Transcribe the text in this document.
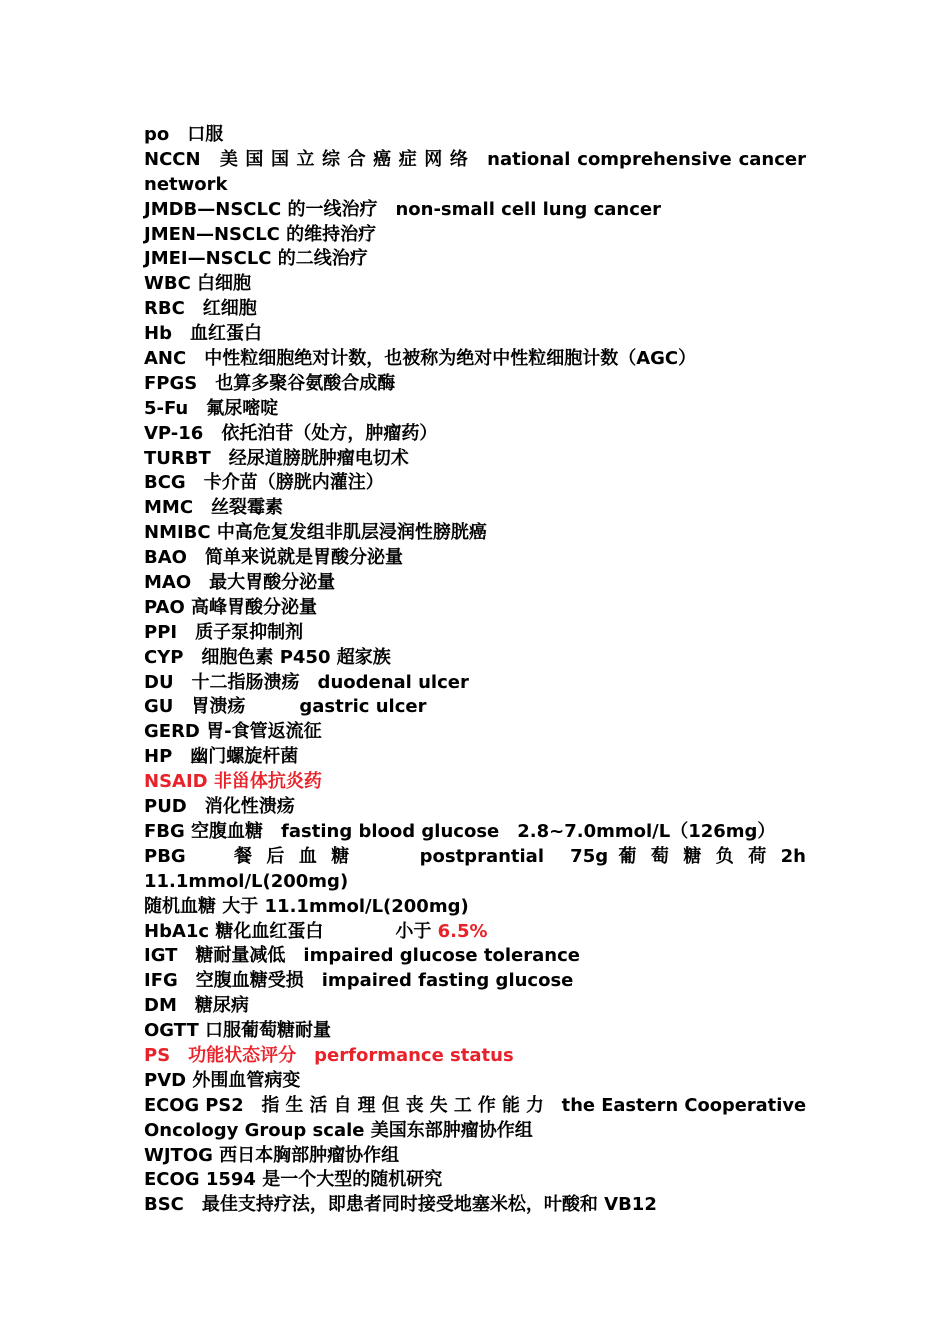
po　口服
NCCN　美 国 国 立 综 合 癌 症 网 络　national comprehensive cancer
network
JMDB—NSCLC 的一线治疗　non-small cell lung cancer
JMEN—NSCLC 的维持治疗
JMEI—NSCLC 的二线治疗
WBC 白细胞
RBC　红细胞
Hb　血红蛋白
ANC　中性粒细胞绝对计数，也被称为绝对中性粒细胞计数（AGC）
FPGS　也算多聚谷氨酸合成酶
5-Fu　氟尿嘧啶
VP-16　依托泊苷（处方，肿瘤药）
TURBT　经尿道膀胱肿瘤电切术
BCG　卡介苗（膀胱内灌注）
MMC　丝裂霉素
NMIBC 中高危复发组非肌层浸润性膀胱癌
BAO　简单来说就是胃酸分泌量
MAO　最大胃酸分泌量
PAO 高峰胃酸分泌量
PPI　质子泵抑制剂
CYP　细胞色素 P450 超家族
DU　十二指肠溃疡　duodenal ulcer
GU　胃溃疡　　　gastric ulcer
GERD 胃-食管返流征
HP　幽门螺旋杆菌
NSAID 非甾体抗炎药
PUD　消化性溃疡
FBG 空腹血糖　fasting blood glucose　2.8~7.0mmol/L（126mg）
PBG　　餐 后 血 糖　　　postprantial　75g 葡 萄 糖 负 荷 2h
11.1mmol/L(200mg)
随机血糖 大于 11.1mmol/L(200mg)
HbA1c 糖化血红蛋白　　　　小于 6.5%
IGT　糖耐量减低　impaired glucose tolerance
IFG　空腹血糖受损　impaired fasting glucose
DM　糖尿病
OGTT 口服葡萄糖耐量
PS　功能状态评分　performance status
PVD 外围血管病变
ECOG PS2　指 生 活 自 理 但 丧 失 工 作 能 力　the Eastern Cooperative
Oncology Group scale 美国东部肿瘤协作组
WJTOG 西日本胸部肿瘤协作组
ECOG 1594 是一个大型的随机研究
BSC　最佳支持疗法，即患者同时接受地塞米松，叶酸和 VB12
